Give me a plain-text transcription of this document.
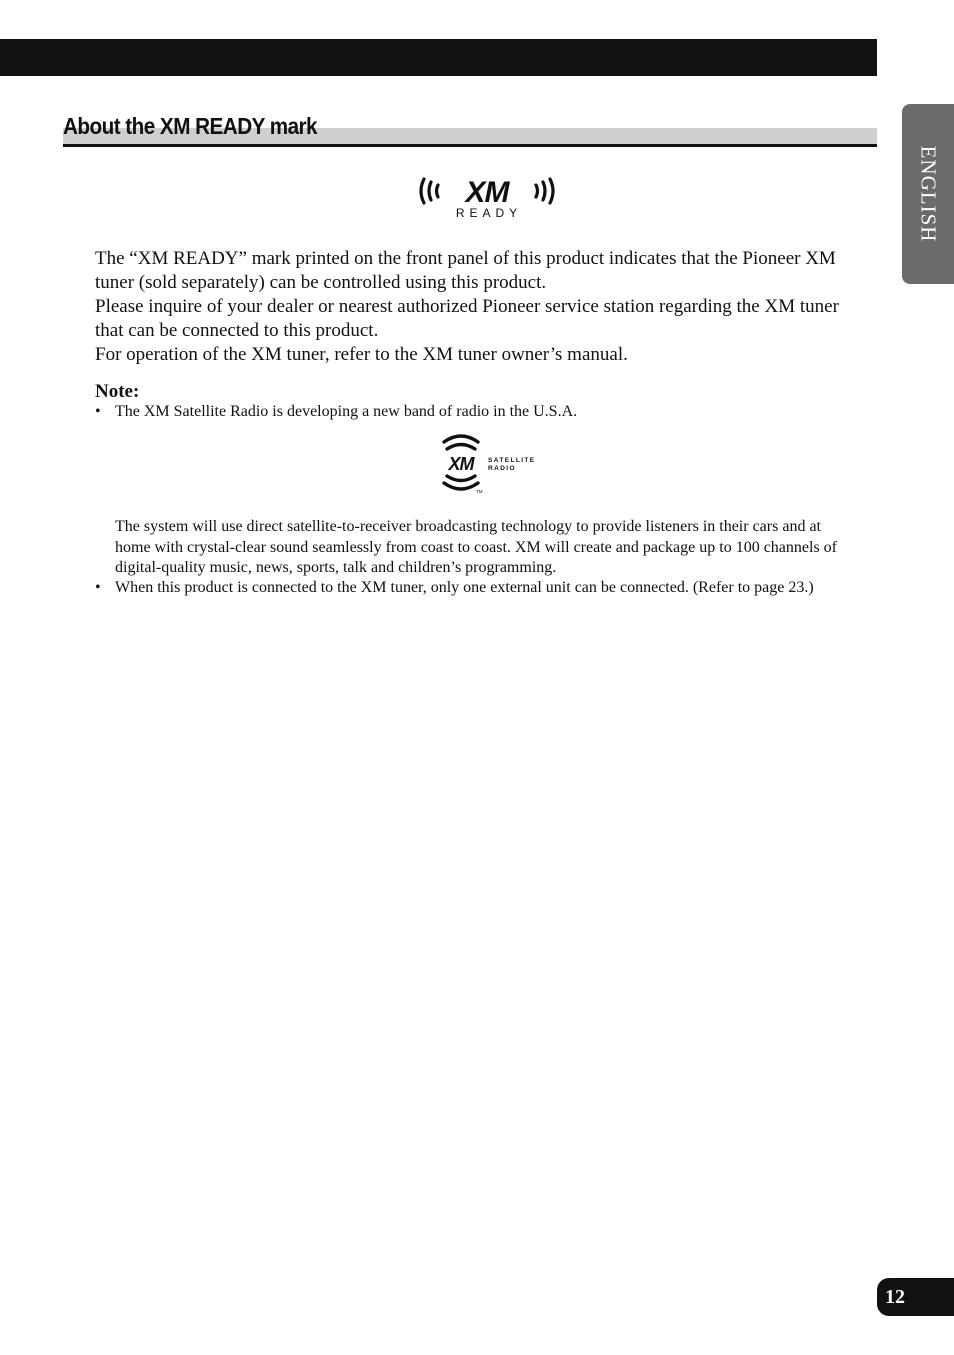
About the XM READY mark
ENGLISH
XM
READY

The “XM READY” mark printed on the front panel of this product indicates that the Pioneer XM tuner (sold separately) can be controlled using this product.

Please inquire of your dealer or nearest authorized Pioneer service station regarding the XM tuner that can be connected to this product.

For operation of the XM tuner, refer to the XM tuner owner’s manual.

Note:
• The XM Satellite Radio is developing a new band of radio in the U.S.A.
XM	SATELLITE
RADIO
TM
The system will use direct satellite-to-receiver broadcasting technology to provide listeners in their cars and at home with crystal-clear sound seamlessly from coast to coast. XM will create and package up to 100 channels of digital-quality music, news, sports, talk and children’s programming.
• When this product is connected to the XM tuner, only one external unit can be connected. (Refer to page 23.)
12
